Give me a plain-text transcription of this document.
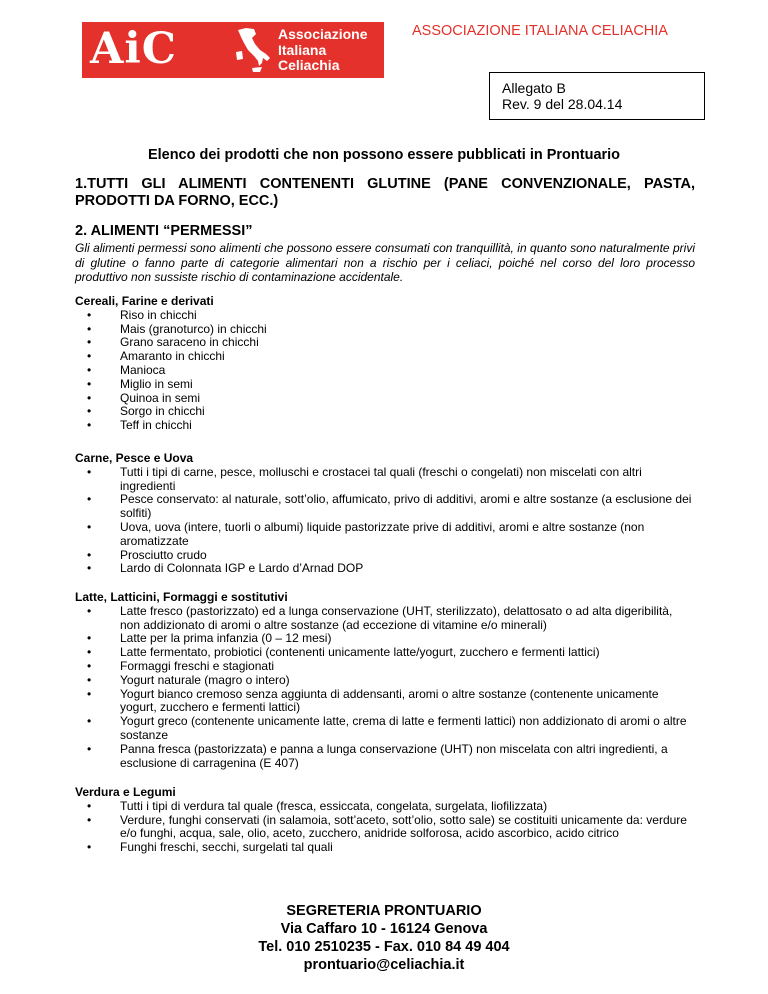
AiC	Associazione
Italiana
Celiachia
ASSOCIAZIONE ITALIANA CELIACHIA
Allegato B
Rev. 9 del 28.04.14
Elenco dei prodotti che non possono essere pubblicati in Prontuario
1.TUTTI GLI ALIMENTI CONTENENTI GLUTINE (PANE CONVENZIONALE, PASTA, PRODOTTI DA FORNO, ECC.)
2. ALIMENTI “PERMESSI”
Gli alimenti permessi sono alimenti che possono essere consumati con tranquillità, in quanto sono naturalmente privi di glutine o fanno parte di categorie alimentari non a rischio per i celiaci, poiché nel corso del loro processo produttivo non sussiste rischio di contaminazione accidentale.
Cereali, Farine e derivati
• Riso in chicchi
• Mais (granoturco) in chicchi
• Grano saraceno in chicchi
• Amaranto in chicchi
• Manioca
• Miglio in semi
• Quinoa in semi
• Sorgo in chicchi
• Teff in chicchi
Carne, Pesce e Uova
• Tutti i tipi di carne, pesce, molluschi e crostacei tal quali (freschi o congelati) non miscelati con altri ingredienti
• Pesce conservato: al naturale, sott’olio, affumicato, privo di additivi, aromi e altre sostanze (a esclusione dei solfiti)
• Uova, uova (intere, tuorli o albumi) liquide pastorizzate prive di additivi, aromi e altre sostanze (non aromatizzate
• Prosciutto crudo
• Lardo di Colonnata IGP e Lardo d’Arnad DOP
Latte, Latticini, Formaggi e sostitutivi
• Latte fresco (pastorizzato) ed a lunga conservazione (UHT, sterilizzato), delattosato o ad alta digeribilità, non addizionato di aromi o altre sostanze (ad eccezione di vitamine e/o minerali)
• Latte per la prima infanzia (0 – 12 mesi)
• Latte fermentato, probiotici (contenenti unicamente latte/yogurt, zucchero e fermenti lattici)
• Formaggi freschi e stagionati
• Yogurt naturale (magro o intero)
• Yogurt bianco cremoso senza aggiunta di addensanti, aromi o altre sostanze (contenente unicamente yogurt, zucchero e fermenti lattici)
• Yogurt greco (contenente unicamente latte, crema di latte e fermenti lattici) non addizionato di aromi o altre sostanze
• Panna fresca (pastorizzata) e panna a lunga conservazione (UHT) non miscelata con altri ingredienti, a esclusione di carragenina (E 407)
Verdura e Legumi
• Tutti i tipi di verdura tal quale (fresca, essiccata, congelata, surgelata, liofilizzata)
• Verdure, funghi conservati (in salamoia, sott’aceto, sott’olio, sotto sale) se costituiti unicamente da: verdure e/o funghi, acqua, sale, olio, aceto, zucchero, anidride solforosa, acido ascorbico, acido citrico
• Funghi freschi, secchi, surgelati tal quali
SEGRETERIA PRONTUARIO
Via Caffaro 10 - 16124 Genova
Tel. 010 2510235 - Fax. 010 84 49 404
prontuario@celiachia.it
